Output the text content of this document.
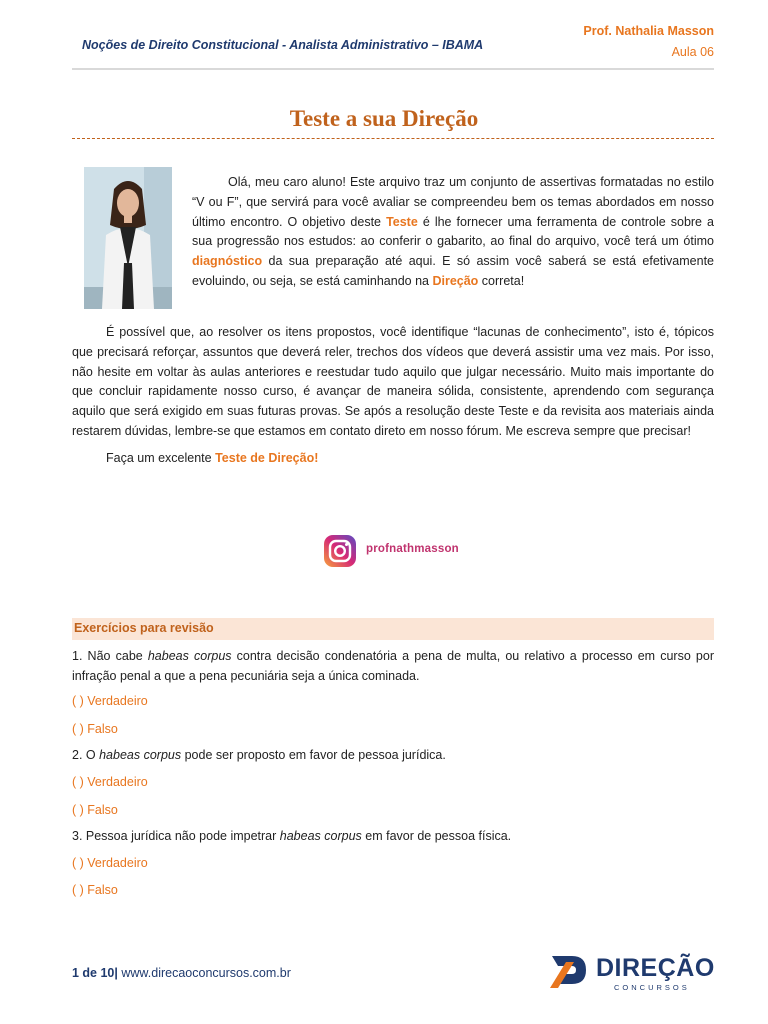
Noções de Direito Constitucional - Analista Administrativo – IBAMA
Prof. Nathalia Masson
Aula 06
Teste a sua Direção
Olá, meu caro aluno! Este arquivo traz um conjunto de assertivas formatadas no estilo “V ou F”, que servirá para você avaliar se compreendeu bem os temas abordados em nosso último encontro. O objetivo deste Teste é lhe fornecer uma ferramenta de controle sobre a sua progressão nos estudos: ao conferir o gabarito, ao final do arquivo, você terá um ótimo diagnóstico da sua preparação até aqui. E só assim você saberá se está efetivamente evoluindo, ou seja, se está caminhando na Direção correta!
É possível que, ao resolver os itens propostos, você identifique “lacunas de conhecimento”, isto é, tópicos que precisará reforçar, assuntos que deverá reler, trechos dos vídeos que deverá assistir uma vez mais. Por isso, não hesite em voltar às aulas anteriores e reestudar tudo aquilo que julgar necessário. Muito mais importante do que concluir rapidamente nosso curso, é avançar de maneira sólida, consistente, aprendendo com segurança aquilo que será exigido em suas futuras provas. Se após a resolução deste Teste e da revisita aos materiais ainda restarem dúvidas, lembre-se que estamos em contato direto em nosso fórum. Me escreva sempre que precisar!
Faça um excelente Teste de Direção!
profnathmasson
Exercícios para revisão
1. Não cabe habeas corpus contra decisão condenatória a pena de multa, ou relativo a processo em curso por infração penal a que a pena pecuniária seja a única cominada.
( ) Verdadeiro
( ) Falso
2. O habeas corpus pode ser proposto em favor de pessoa jurídica.
( ) Verdadeiro
( ) Falso
3. Pessoa jurídica não pode impetrar habeas corpus em favor de pessoa física.
( ) Verdadeiro
( ) Falso
1 de 10| www.direcaoconcursos.com.br	DIREÇÃO
CONCURSOS
